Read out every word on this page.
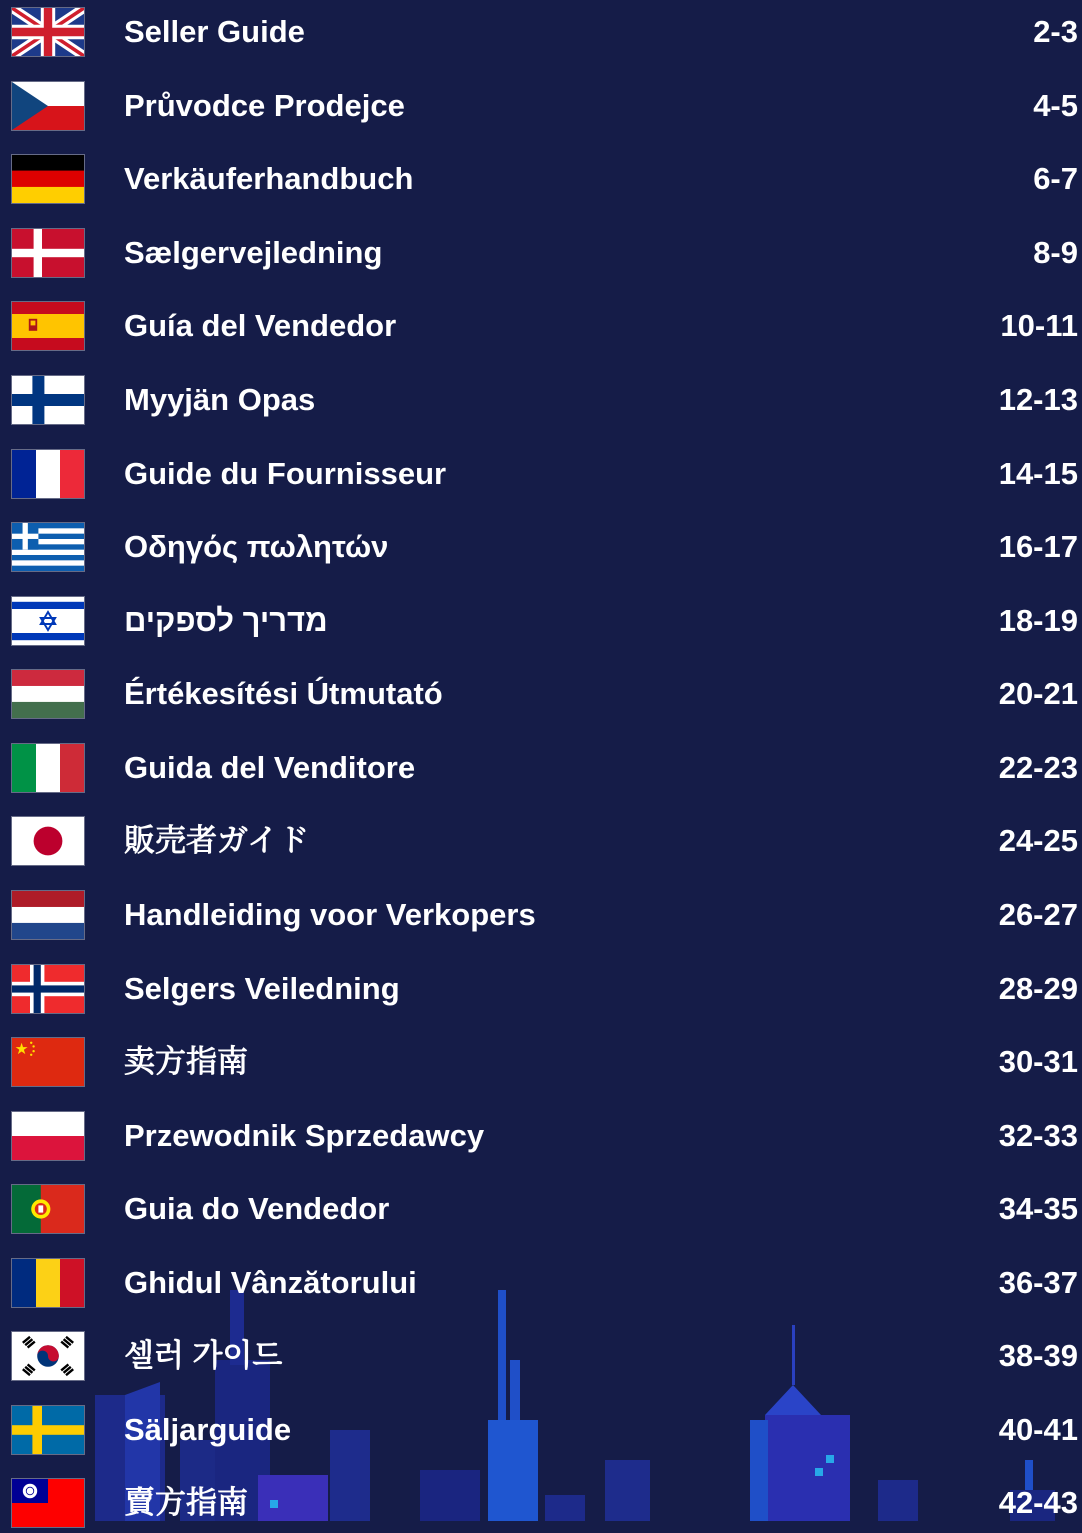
Seller Guide	2-3
Průvodce Prodejce	4-5
Verkäuferhandbuch	6-7
Sælgervejledning	8-9
Guía del Vendedor	10-11
Myyjän Opas	12-13
Guide du Fournisseur	14-15
Οδηγός πωλητών	16-17
מדריך לספקים	18-19
Értékesítési Útmutató	20-21
Guida del Venditore	22-23
販売者ガイド	24-25
Handleiding voor Verkopers	26-27
Selgers Veiledning	28-29
卖方指南	30-31
Przewodnik Sprzedawcy	32-33
Guia do Vendedor	34-35
Ghidul Vânzătorului	36-37
셀러 가이드	38-39
Säljarguide	40-41
賣方指南	42-43
